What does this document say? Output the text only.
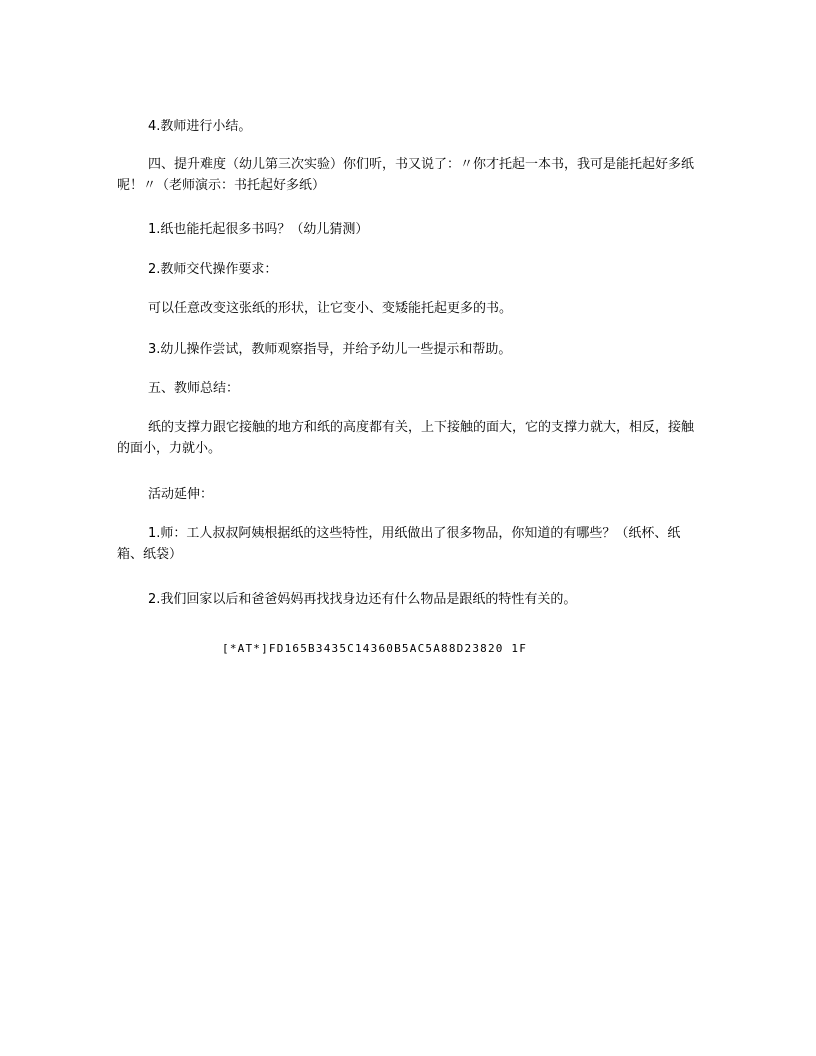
4.教师进行小结。
四、提升难度（幼儿第三次实验）你们听，书又说了：〃你才托起一本书，我可是能托起好多纸呢！〃（老师演示：书托起好多纸）
1.纸也能托起很多书吗？（幼儿猜测）
2.教师交代操作要求：
可以任意改变这张纸的形状，让它变小、变矮能托起更多的书。
3.幼儿操作尝试，教师观察指导，并给予幼儿一些提示和帮助。
五、教师总结：
纸的支撑力跟它接触的地方和纸的高度都有关，上下接触的面大，它的支撑力就大，相反，接触的面小，力就小。
活动延伸：
1.师：工人叔叔阿姨根据纸的这些特性，用纸做出了很多物品，你知道的有哪些？（纸杯、纸箱、纸袋）
2.我们回家以后和爸爸妈妈再找找身边还有什么物品是跟纸的特性有关的。
[*AT*]FD165B3435C14360B5AC5A88D23820 1F
